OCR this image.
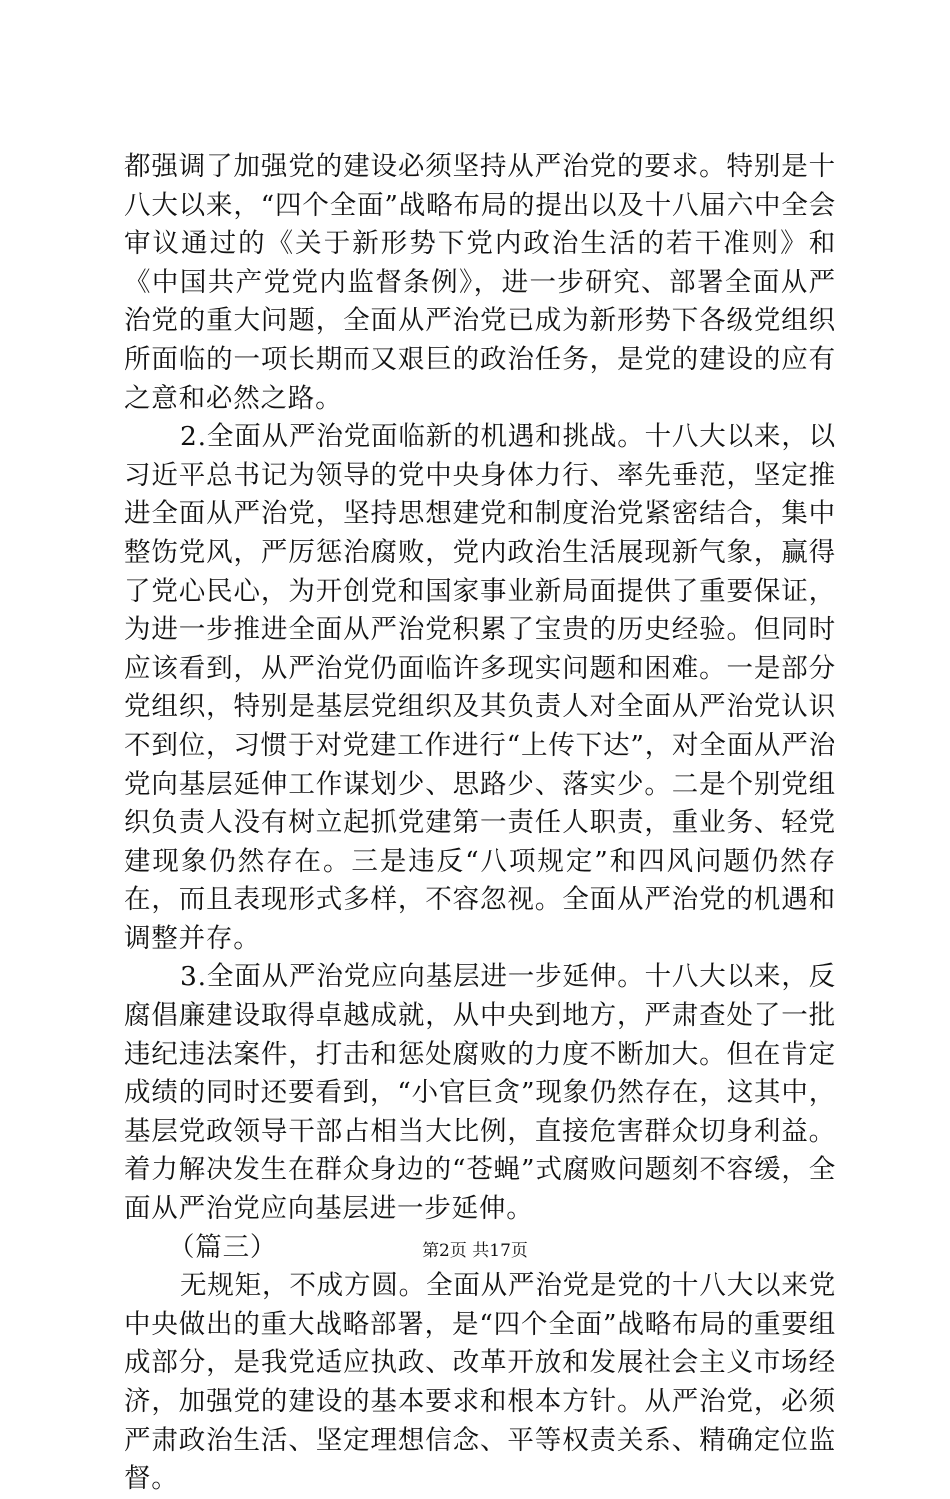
都强调了加强党的建设必须坚持从严治党的要求。特别是十八大以来，“四个全面”战略布局的提出以及十八届六中全会审议通过的《关于新形势下党内政治生活的若干准则》和《中国共产党党内监督条例》，进一步研究、部署全面从严治党的重大问题，全面从严治党已成为新形势下各级党组织所面临的一项长期而又艰巨的政治任务，是党的建设的应有之意和必然之路。

2.全面从严治党面临新的机遇和挑战。十八大以来，以习近平总书记为领导的党中央身体力行、率先垂范，坚定推进全面从严治党，坚持思想建党和制度治党紧密结合，集中整饬党风，严厉惩治腐败，党内政治生活展现新气象，赢得了党心民心，为开创党和国家事业新局面提供了重要保证，为进一步推进全面从严治党积累了宝贵的历史经验。但同时应该看到，从严治党仍面临许多现实问题和困难。一是部分党组织，特别是基层党组织及其负责人对全面从严治党认识不到位，习惯于对党建工作进行“上传下达”，对全面从严治党向基层延伸工作谋划少、思路少、落实少。二是个别党组织负责人没有树立起抓党建第一责任人职责，重业务、轻党建现象仍然存在。三是违反“八项规定”和四风问题仍然存在，而且表现形式多样，不容忽视。全面从严治党的机遇和调整并存。

3.全面从严治党应向基层进一步延伸。十八大以来，反腐倡廉建设取得卓越成就，从中央到地方，严肃查处了一批违纪违法案件，打击和惩处腐败的力度不断加大。但在肯定成绩的同时还要看到，“小官巨贪”现象仍然存在，这其中，基层党政领导干部占相当大比例，直接危害群众切身利益。着力解决发生在群众身边的“苍蝇”式腐败问题刻不容缓，全面从严治党应向基层进一步延伸。

（篇三）

无规矩，不成方圆。全面从严治党是党的十八大以来党中央做出的重大战略部署，是“四个全面”战略布局的重要组成部分，是我党适应执政、改革开放和发展社会主义市场经济，加强党的建设的基本要求和根本方针。从严治党，必须严肃政治生活、坚定理想信念、平等权责关系、精确定位监督。

第2页 共17页
